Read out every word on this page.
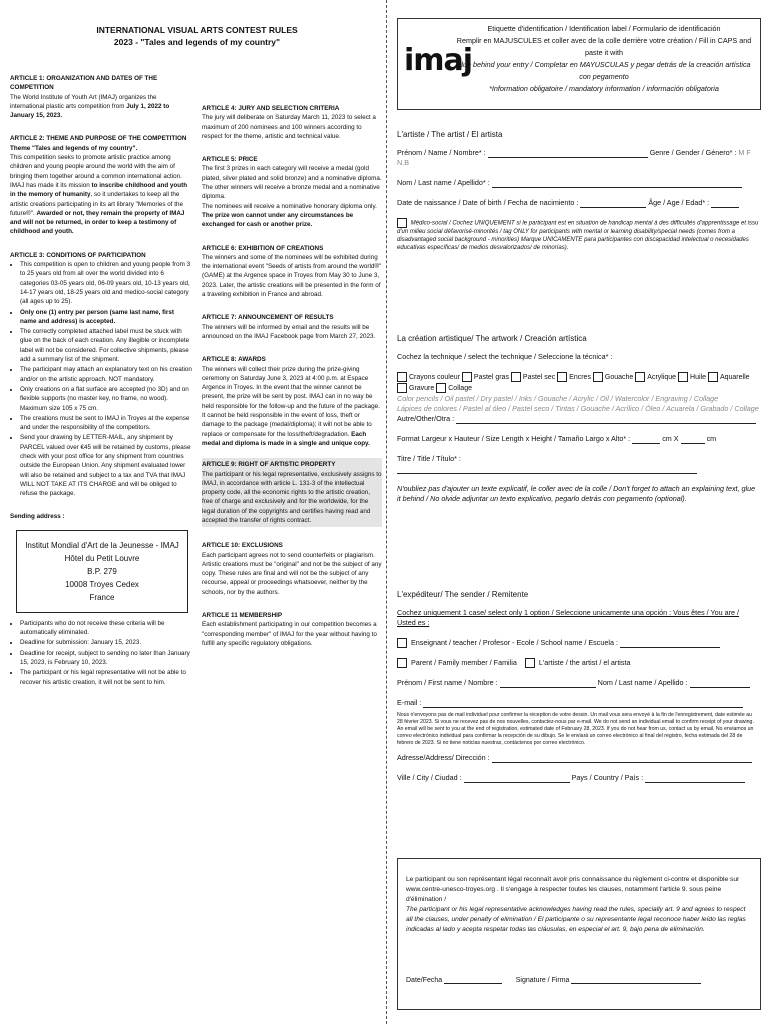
INTERNATIONAL VISUAL ARTS CONTEST RULES
2023 - "Tales and legends of my country"
ARTICLE 1: ORGANIZATION AND DATES OF THE COMPETITION

The World Institute of Youth Art (IMAJ) organizes the international plastic arts competition from July 1, 2022 to January 15, 2023.

ARTICLE 2: THEME AND PURPOSE OF THE COMPETITION

Theme "Tales and legends of my country".

This competition seeks to promote artistic practice among children and young people around the world with the aim of bringing them together around a common international action. IMAJ has made it its mission to inscribe childhood and youth in the memory of humanity, so it undertakes to keep all the artistic creations participating in its art library "Memories of the future®". Awarded or not, they remain the property of IMAJ and will not be returned, in order to keep a testimony of childhood and youth.

ARTICLE 3: CONDITIONS OF PARTICIPATION
• This competition is open to children and young people from 3 to 25 years old from all over the world divided into 6 categories 03-05 years old, 06-09 years old, 10-13 years old, 14-17 years old, 18-25 years old and medico-social category (all ages up to 25).
• Only one (1) entry per person (same last name, first name and address) is accepted.
• The correctly completed attached label must be stuck with glue on the back of each creation. Any illegible or incomplete label will not be considered. For collective shipments, please add a summary list of the shipment.
• The participant may attach an explanatory text on his creation and/or on the artistic approach. NOT mandatory.
• Only creations on a flat surface are accepted (no 3D) and on flexible supports (no master key, no frame, no wood). Maximum size 105 x 75 cm.
• The creations must be sent to IMAJ in Troyes at the expense and under the responsibility of the competitors.
• Send your drawing by LETTER-MAIL, any shipment by PARCEL valued over €45 will be retained by customs, please check with your post office for any shipment from countries outside the European Union. Any shipment evaluated lower will also be retained and subject to a tax and TVA that IMAJ WILL NOT TAKE AT ITS CHARGE and will be obliged to refuse the package.
Sending address :
Institut Mondial d'Art de la Jeunesse - IMAJ
Hôtel du Petit Louvre
B.P. 279
10008 Troyes Cedex
France
• Participants who do not receive these criteria will be automatically eliminated.
• Deadline for submission: January 15, 2023.
• Deadline for receipt, subject to sending no later than January 15, 2023, is February 10, 2023.
• The participant or his legal representative will not be able to recover his artistic creation, it will not be sent to him.
ARTICLE 4: JURY AND SELECTION CRITERIA

The jury will deliberate on Saturday March 11, 2023 to select a maximum of 200 nominees and 100 winners according to respect for the theme, artistic and technical value.

ARTICLE 5: PRICE

The first 3 prizes in each category will receive a medal (gold plated, silver plated and solid bronze) and a nominative diploma. The other winners will receive a bronze medal and a nominative diploma.

The nominees will receive a nominative honorary diploma only.

The prize won cannot under any circumstances be exchanged for cash or another prize.

ARTICLE 6: EXHIBITION OF CREATIONS

The winners and some of the nominees will be exhibited during the international event "Seeds of artists from around the world®" (GAME) at the Argence space in Troyes from May 30 to June 3, 2023. Later, the artistic creations will be presented in the form of a traveling exhibition in France and abroad.

ARTICLE 7: ANNOUNCEMENT OF RESULTS

The winners will be informed by email and the results will be announced on the IMAJ Facebook page from March 27, 2023.

ARTICLE 8: AWARDS

The winners will collect their prize during the prize-giving ceremony on Saturday June 3, 2023 at 4:00 p.m. at Espace Argence in Troyes. In the event that the winner cannot be present, the prize will be sent by post. IMAJ can in no way be held responsible for the follow-up and the future of the package. It cannot be held responsible in the event of loss, theft or damage to the package (medal/diploma); it will not be able to replace or compensate for the loss/theft/degradation. Each medal and diploma is made in a single and unique copy.

ARTICLE 9: RIGHT OF ARTISTIC PROPERTY

The participant or his legal representative, exclusively assigns to IMAJ, in accordance with article L. 131-3 of the intellectual property code, all the economic rights to the artistic creation, free of charge and exclusively and for the worldwide, for the legal duration of the copyrights and certifies having read and accepted the transfer of rights contract.

ARTICLE 10: EXCLUSIONS

Each participant agrees not to send counterfeits or plagiarism. Artistic creations must be "original" and not be the subject of any copy. These rules are final and will not be the subject of any recourse, appeal or proceedings whatsoever, neither by the schools, nor by the authors.

ARTICLE 11 MEMBERSHIP

Each establishment participating in our competition becomes a "corresponding member" of IMAJ for the year without having to fulfill any specific regulatory obligations.

imaj
Etiquette d'identification / Identification label / Formulario de identificación
Remplir en MAJUSCULES et coller avec de la colle derrière votre création / Fill in CAPS and paste it with
glue behind your entry / Completar en MAYUSCULAS y pegar detrás de la creación artística con pegamento
*Information obligatoire / mandatory information / información obligatoria
L'artiste / The artist / El artista
Prénom / Name / Nombre* :	Genre / Gender / Género* : M F N.B
Nom / Last name / Apellido* :
Date de naissance / Date of birth / Fecha de nacimiento :	Âge / Age / Edad* :
Médico-social / Cochez UNIQUEMENT si le participant est en situation de handicap mental à des difficultés d'apprentissage et issu d'un milieu social défavorisé-minorités / tag ONLY for participants with mental or learning disability/special needs (comes from a disadvantaged social background - minorities) Marque UNICAMENTE para participantes con discapacidad intelectual o necesidades educativas específicas/ de medios desvalorizados/ de minorías).
La création artistique/ The artwork / Creación artística
Cochez la technique / select the technique / Seleccione la técnica* :
Crayons couleur Pastel gras Pastel sec Encres Gouache Acrylique Huile Aquarelle Gravure Collage
Color pencils / Oil pastel / Dry pastel / Inks / Gouache / Acrylic / Oil / Watercolor / Engraving / Collage
Lápices de colores / Pastel al óleo / Pastel seco / Tintas / Gouache / Acrílico / Óleo / Acuarela / Grabado / Collage
Autre/Other/Otra :
Format Largeur x Hauteur / Size Length x Height / Tamaño Largo x Alto* :	cm X	cm
Titre / Title / Título* :
N'oubliez pas d'ajouter un texte explicatif, le coller avec de la colle / Don't forget to attach an explaining text, glue it behind / No olvide adjuntar un texto explicativo, pegarlo detrás con pegamento (optional).
L'expéditeur/ The sender / Remitente
Cochez uniquement 1 case/ select only 1 option / Seleccione unicamente una opción : Vous êtes / You are / Usted es :
Enseignant / teacher / Profesor - Ecole / School name / Escuela :
Parent / Family member / Familia	L'artiste / the artist / el artista
Prénom / First name / Nombre :	Nom / Last name / Apellido :
E-mail :
Nous n'envoyons pas de mail individuel pour confirmer la réception de votre dessin. Un mail vous sera envoyé à la fin de l'enregistrement, date estimée au 28 février 2023. Si vous ne recevez pas de nos nouvelles, contactez-nous par e-mail. We do not send an individual email to confirm receipt of your drawing. An email will be sent to you at the end of registration, estimated date of February 28, 2023. If you do not hear from us, contact us by email. No enviamos un correo electrónico individual para confirmar la recepción de su dibujo. Se le enviará un correo electrónico al final del registro, fecha estimada del 28 de febrero de 2023. Si no tiene noticias nuestras, contáctenos por correo electrónico.
Adresse/Address/ Dirección :
Ville / City / Ciudad :	Pays / Country / País :
Le participant ou son représentant légal reconnaît avoir pris connaissance du règlement ci-contre et disponible sur www.centre-unesco-troyes.org . Il s'engage à respecter toutes les clauses, notamment l'article 9. sous peine d'élimination /
The participant or his legal representative acknowledges having read the rules, specially art. 9 and agrees to respect all the clauses, under penalty of elimination / El participante o su representante legal reconoce haber leído las reglas indicadas al lado y acepta respetar todas las cláusulas, en especial el art. 9, bajo pena de eliminación.
Date/Fecha	Signature / Firma
